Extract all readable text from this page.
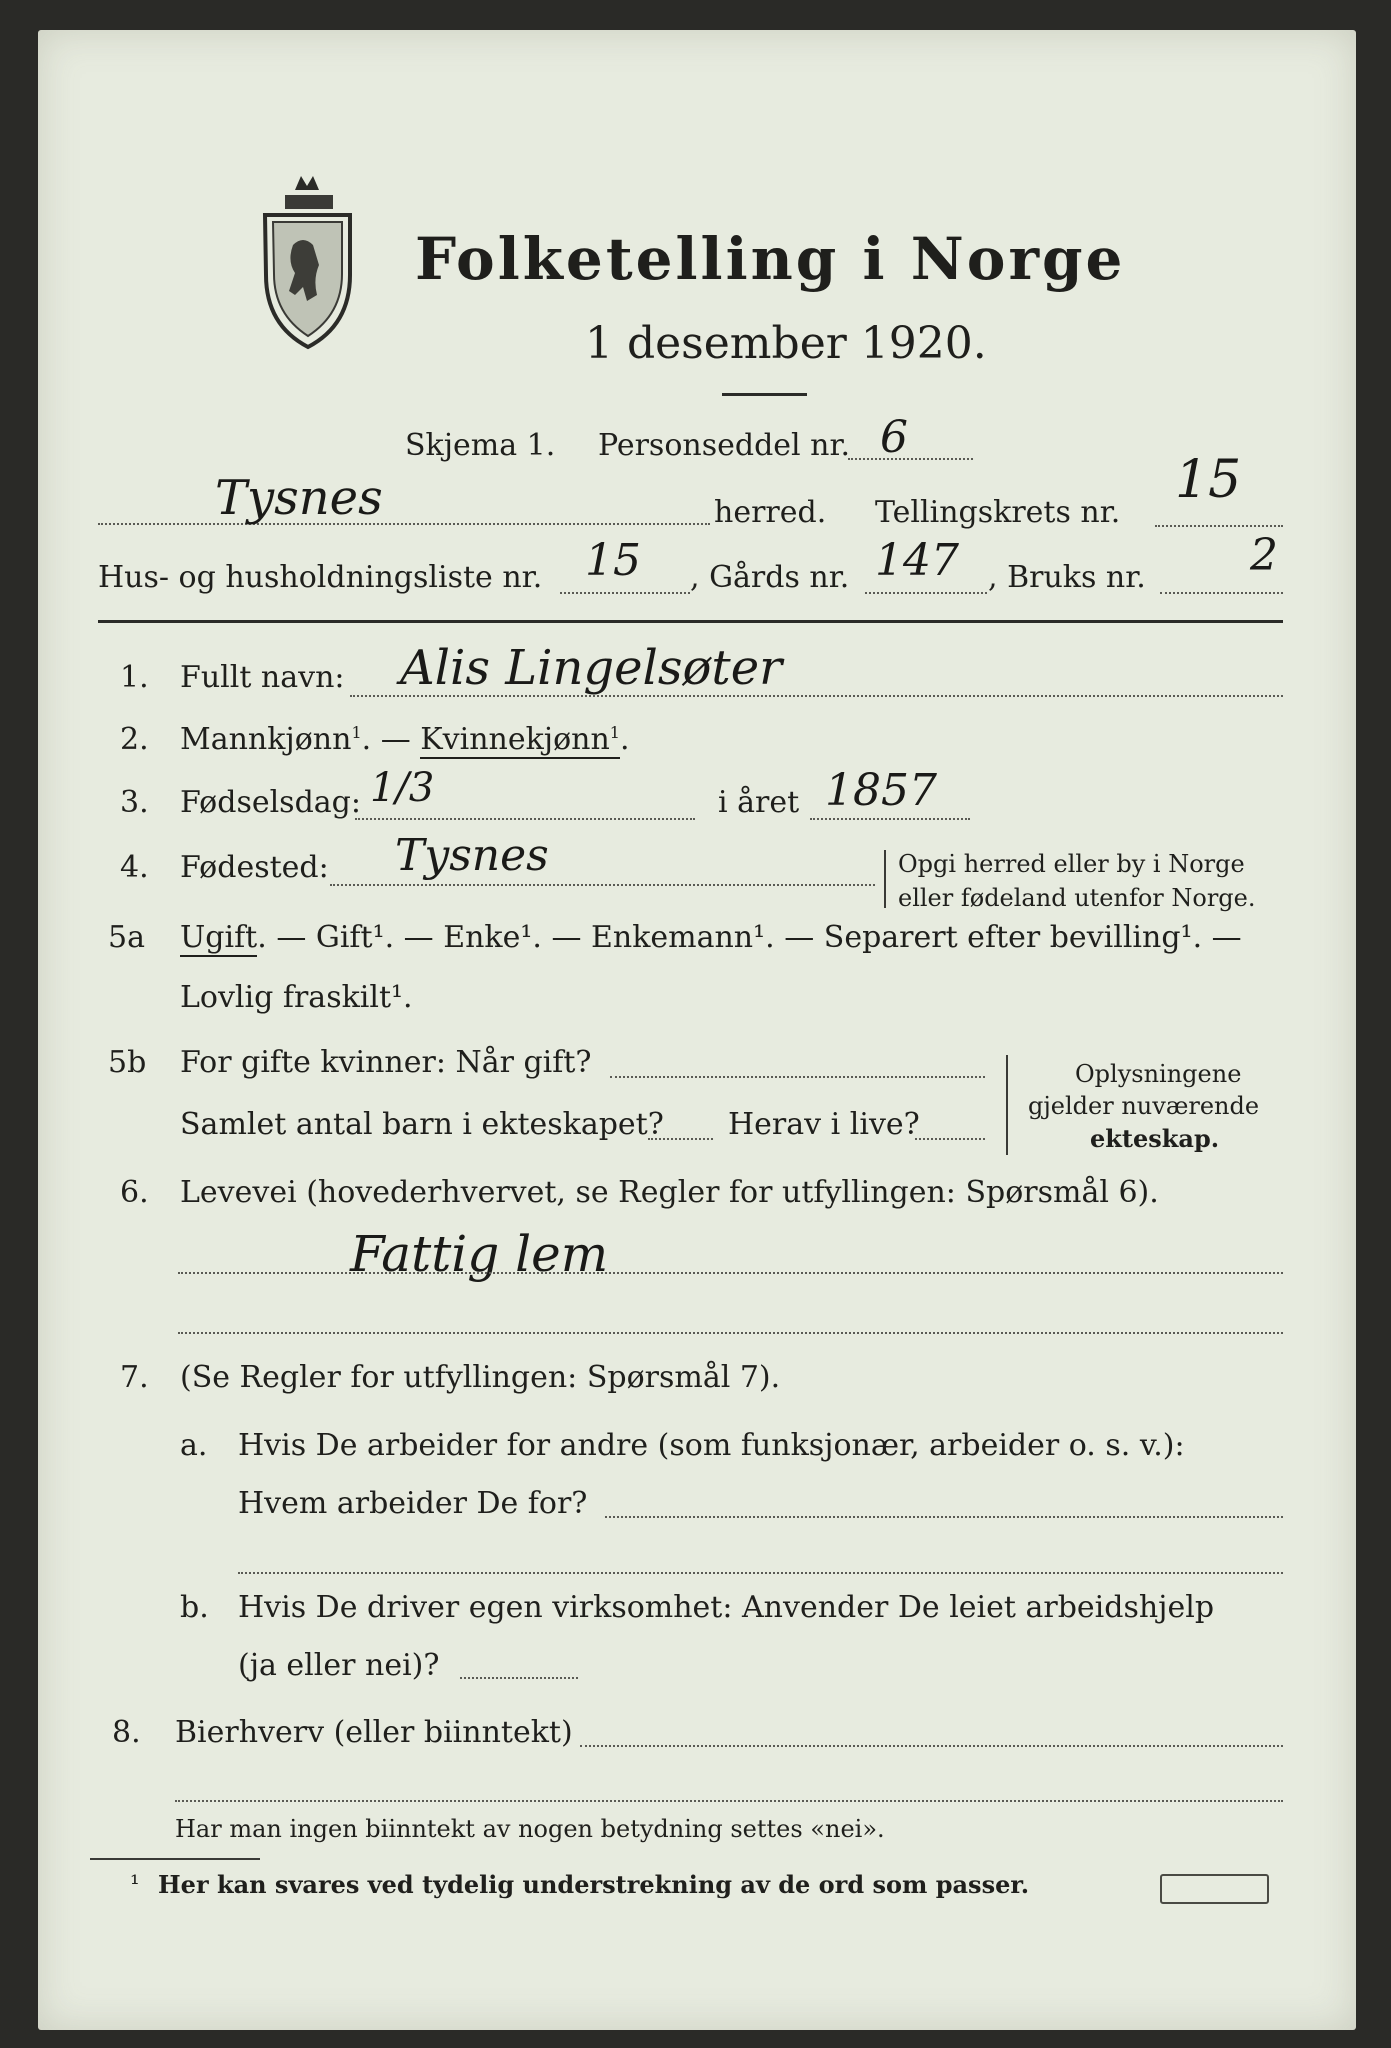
Folketelling i Norge
1 desember 1920.
Skjema 1. Personseddel nr. 6
Tysnes	herred. Tellingskrets nr.
15
Hus- og husholdningsliste nr. 15 , Gårds nr. 147 , Bruks nr. 2
1. Fullt navn: Alis Lingelsøter
2. Mannkjønn$^1$. — Kvinnekjønn$^1$.
3. Fødselsdag: 1/3	i året 1857
4. Fødested: Tysnes	Opgi herred eller by i Norge
eller fødeland utenfor Norge.
5a Ugift. — Gift¹. — Enke¹. — Enkemann¹. — Separert efter bevilling¹. —
Lovlig fraskilt¹.
5b For gifte kvinner: Når gift?
Samlet antal barn i ekteskapet? Herav i live?
Oplysningene
gjelder nuværende
ekteskap.
6. Levevei (hovederhvervet, se Regler for utfyllingen: Spørsmål 6).
Fattig lem
7. (Se Regler for utfyllingen: Spørsmål 7).
a. Hvis De arbeider for andre (som funksjonær, arbeider o. s. v.):
Hvem arbeider De for?
b. Hvis De driver egen virksomhet: Anvender De leiet arbeidshjelp
(ja eller nei)?
8. Bierhverv (eller biinntekt)
Har man ingen biinntekt av nogen betydning settes «nei».
¹ Her kan svares ved tydelig understrekning av de ord som passer.
